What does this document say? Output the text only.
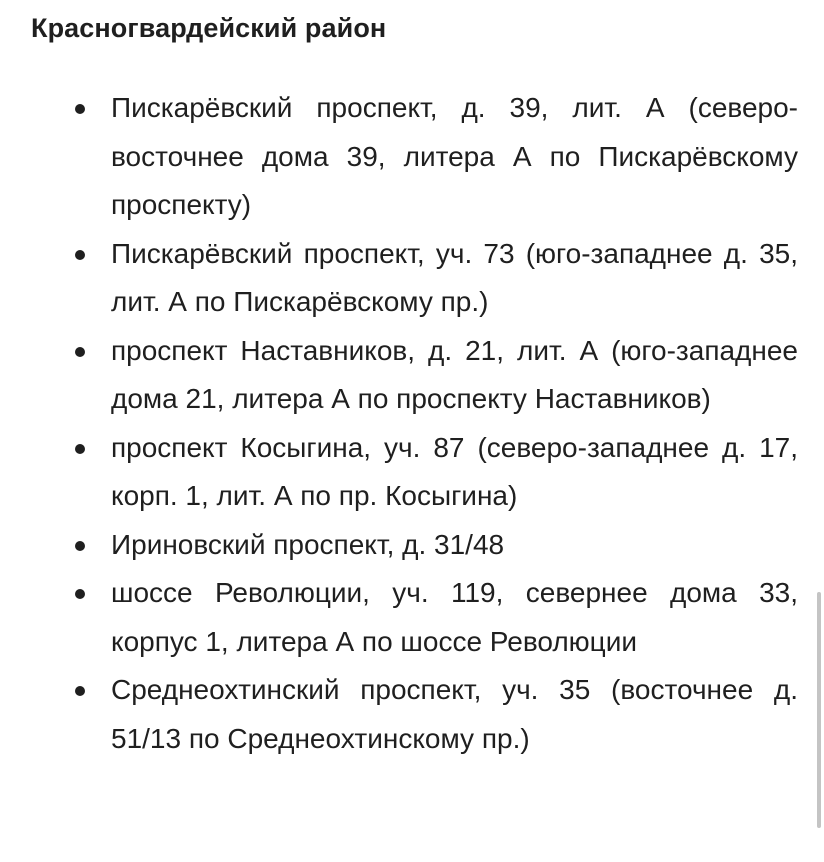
Красногвардейский район
Пискарёвский проспект, д. 39, лит. А (северо-восточнее дома 39, литера А по Пискарёвскому проспекту)
Пискарёвский проспект, уч. 73 (юго-западнее д. 35, лит. А по Пискарёвскому пр.)
проспект Наставников, д. 21, лит. А (юго-западнее дома 21, литера А по проспекту Наставников)
проспект Косыгина, уч. 87 (северо-западнее д. 17, корп. 1, лит. А по пр. Косыгина)
Ириновский проспект, д. 31/48
шоссе Революции, уч. 119, севернее дома 33, корпус 1, литера А по шоссе Революции
Среднеохтинский проспект, уч. 35 (восточнее д. 51/13 по Среднеохтинскому пр.)
